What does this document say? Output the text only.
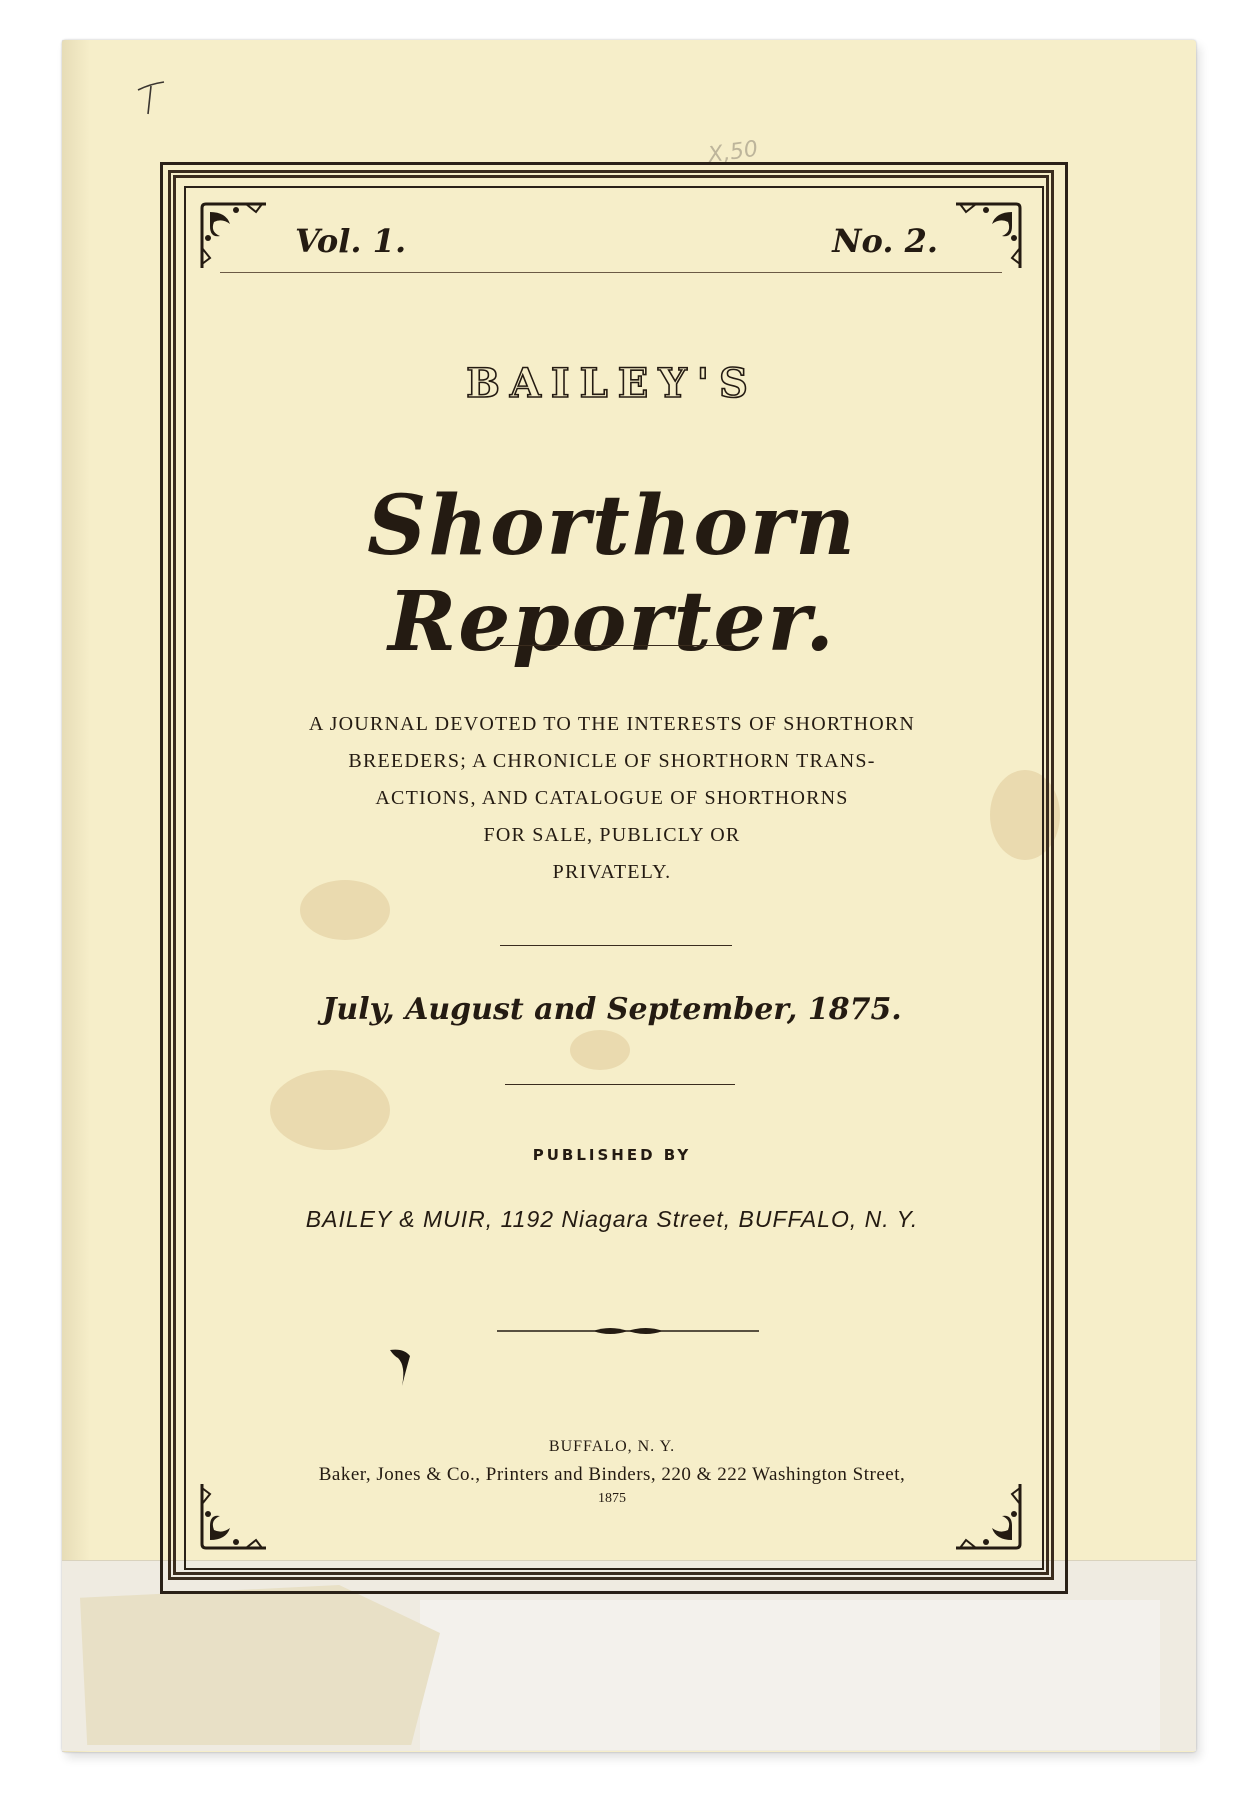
X,50
Vol. 1.	No. 2.
BAILEY'S
Shorthorn Reporter.
A JOURNAL DEVOTED TO THE INTERESTS OF SHORTHORN
BREEDERS; A CHRONICLE OF SHORTHORN TRANS-
ACTIONS, AND CATALOGUE OF SHORTHORNS
FOR SALE, PUBLICLY OR
PRIVATELY.
July, August and September, 1875.
PUBLISHED BY
BAILEY & MUIR, 1192 Niagara Street, BUFFALO, N. Y.
BUFFALO, N. Y.
Baker, Jones & Co., Printers and Binders, 220 & 222 Washington Street,
1875
